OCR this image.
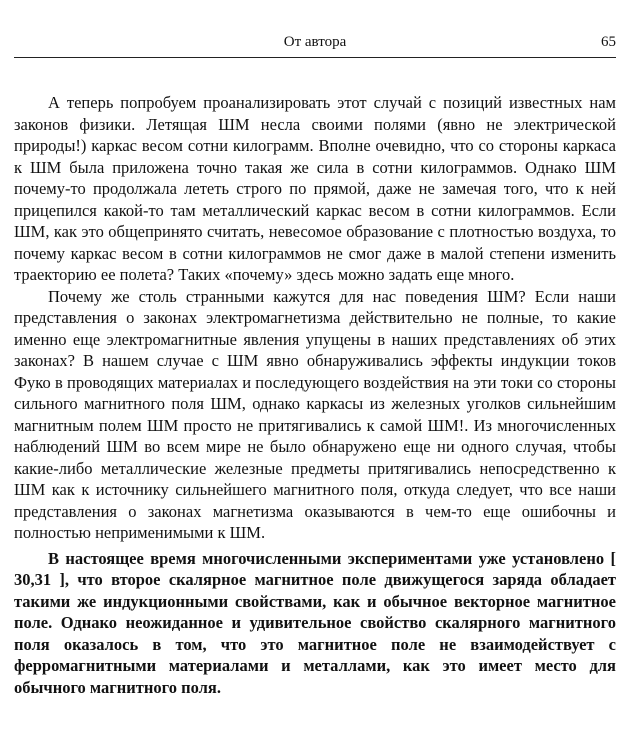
От автора	65

А теперь попробуем проанализировать этот случай с позиций известных нам законов физики. Летящая ШМ несла своими полями (явно не электрической природы!) каркас весом сотни килограмм. Вполне очевидно, что со стороны каркаса к ШМ была приложена точно такая же сила в сотни килограммов. Однако ШМ почему-то продолжала лететь строго по прямой, даже не замечая того, что к ней прицепился какой-то там металлический каркас весом в сотни килограммов. Если ШМ, как это общепринято считать, невесомое образование с плотностью воздуха, то почему каркас весом в сотни килограммов не смог даже в малой степени изменить траекторию ее полета? Таких «почему» здесь можно задать еще много.

Почему же столь странными кажутся для нас поведения ШМ? Если наши представления о законах электромагнетизма действительно не полные, то какие именно еще электромагнитные явления упущены в наших представлениях об этих законах? В нашем случае с ШМ явно обнаруживались эффекты индукции токов Фуко в проводящих материалах и последующего воздействия на эти токи со стороны сильного магнитного поля ШМ, однако каркасы из железных уголков сильнейшим магнитным полем ШМ просто не притягивались к самой ШМ!. Из многочисленных наблюдений ШМ во всем мире не было обнаружено еще ни одного случая, чтобы какие-либо металлические железные предметы притягивались непосредственно к ШМ как к источнику сильнейшего магнитного поля, откуда следует, что все наши представления о законах магнетизма оказываются в чем-то еще ошибочны и полностью неприменимыми к ШМ.

В настоящее время многочисленными экспериментами уже установлено [ 30,31 ], что второе скалярное магнитное поле движущегося заряда обладает такими же индукционными свойствами, как и обычное векторное магнитное поле. Однако неожиданное и удивительное свойство скалярного магнитного поля оказалось в том, что это магнитное поле не взаимодействует с ферромагнитными материалами и металлами, как это имеет место для обычного магнитного поля.
